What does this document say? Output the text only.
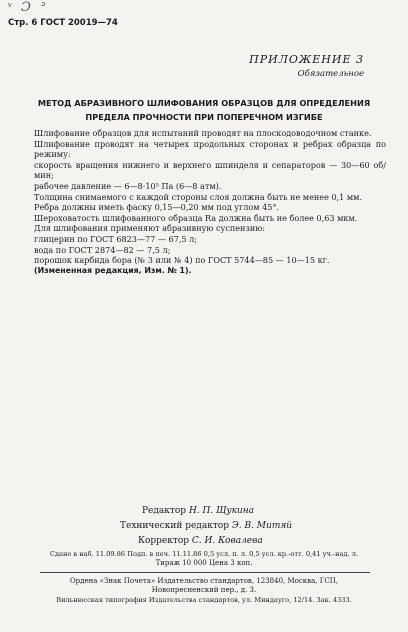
ᵛ Ɔ ᐣ
Стр. 6 ГОСТ 20019—74
ПРИЛОЖЕНИЕ 3
Обязательное
МЕТОД АБРАЗИВНОГО ШЛИФОВАНИЯ ОБРАЗЦОВ ДЛЯ ОПРЕДЕЛЕНИЯ
ПРЕДЕЛА ПРОЧНОСТИ ПРИ ПОПЕРЕЧНОМ ИЗГИБЕ

Шлифование образцов для испытаний проводят на плоскодоводочном станке.

Шлифование проводят на четырех продольных сторонах и ребрах образца по режиму:

скорость вращения нижнего и верхнего шпинделя и сепараторов — 30—60 об/мин;

рабочее давление — 6—8·10⁵ Па (6—8 атм).

Толщина снимаемого с каждой стороны слоя должна быть не менее 0,1 мм.

Ребра должны иметь фаску 0,15—0,20 мм под углом 45°.

Шероховатость шлифованного образца Ra должна быть не более 0,63 мкм.

Для шлифования применяют абразивную суспензию:

глицерин по ГОСТ 6823—77 — 67,5 л;

вода по ГОСТ 2874—82 — 7,5 л;

порошок карбида бора (№ 3 или № 4) по ГОСТ 5744—85 — 10—15 кг.

(Измененная редакция, Изм. № 1).

Редактор Н. П. Щукина
Технический редактор Э. В. Митяй
Корректор С. И. Ковалева
Сдано в наб. 11.09.86 Подп. в печ. 11.11.86 0,5 усл. п. л. 0,5 усл. кр.-отт. 0,41 уч.-над. л.
Тираж 10 000 Цена 3 коп.
Ордена «Знак Почета» Издательство стандартов, 123840, Москва, ГСП,
Новопресненский пер., д. 3.
Вильнюсская типография Издательства стандартов, ул. Миндауго, 12/14. Зак. 4333.
